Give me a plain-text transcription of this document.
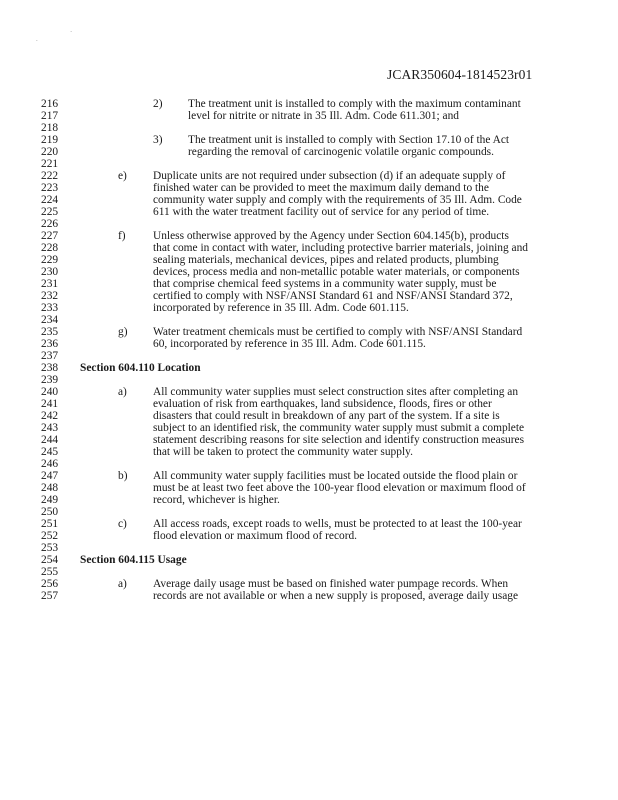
.
`
JCAR350604-1814523r01
216	2) The treatment unit is installed to comply with the maximum contaminant
217	level for nitrite or nitrate in 35 Ill. Adm. Code 611.301; and
218
219	3) The treatment unit is installed to comply with Section 17.10 of the Act
220	regarding the removal of carcinogenic volatile organic compounds.
221
222	e) Duplicate units are not required under subsection (d) if an adequate supply of
223	finished water can be provided to meet the maximum daily demand to the
224	community water supply and comply with the requirements of 35 Ill. Adm. Code
225	611 with the water treatment facility out of service for any period of time.
226
227	f) Unless otherwise approved by the Agency under Section 604.145(b), products
228	that come in contact with water, including protective barrier materials, joining and
229	sealing materials, mechanical devices, pipes and related products, plumbing
230	devices, process media and non-metallic potable water materials, or components
231	that comprise chemical feed systems in a community water supply, must be
232	certified to comply with NSF/ANSI Standard 61 and NSF/ANSI Standard 372,
233	incorporated by reference in 35 Ill. Adm. Code 601.115.
234
235	g) Water treatment chemicals must be certified to comply with NSF/ANSI Standard
236	60, incorporated by reference in 35 Ill. Adm. Code 601.115.
237
238	Section 604.110 Location
239
240	a) All community water supplies must select construction sites after completing an
241	evaluation of risk from earthquakes, land subsidence, floods, fires or other
242	disasters that could result in breakdown of any part of the system. If a site is
243	subject to an identified risk, the community water supply must submit a complete
244	statement describing reasons for site selection and identify construction measures
245	that will be taken to protect the community water supply.
246
247	b) All community water supply facilities must be located outside the flood plain or
248	must be at least two feet above the 100-year flood elevation or maximum flood of
249	record, whichever is higher.
250
251	c) All access roads, except roads to wells, must be protected to at least the 100-year
252	flood elevation or maximum flood of record.
253
254	Section 604.115 Usage
255
256	a) Average daily usage must be based on finished water pumpage records. When
257	records are not available or when a new supply is proposed, average daily usage
